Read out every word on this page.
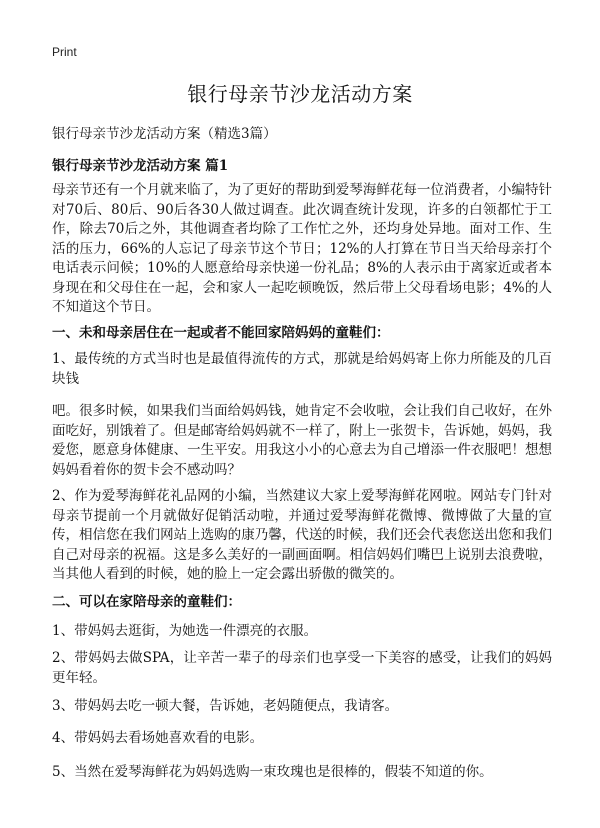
Print
银行母亲节沙龙活动方案

银行母亲节沙龙活动方案（精选3篇）

银行母亲节沙龙活动方案 篇1

母亲节还有一个月就来临了，为了更好的帮助到爱琴海鲜花每一位消费者，小编特针对70后、80后、90后各30人做过调查。此次调查统计发现，许多的白领都忙于工作，除去70后之外，其他调查者均除了工作忙之外，还均身处异地。面对工作、生活的压力，66%的人忘记了母亲节这个节日；12%的人打算在节日当天给母亲打个电话表示问候；10%的人愿意给母亲快递一份礼品；8%的人表示由于离家近或者本身现在和父母住在一起，会和家人一起吃顿晚饭，然后带上父母看场电影；4%的人不知道这个节日。

一、未和母亲居住在一起或者不能回家陪妈妈的童鞋们：

1、最传统的方式当时也是最值得流传的方式，那就是给妈妈寄上你力所能及的几百块钱

吧。很多时候，如果我们当面给妈妈钱，她肯定不会收啦，会让我们自己收好，在外面吃好，别饿着了。但是邮寄给妈妈就不一样了，附上一张贺卡，告诉她，妈妈，我爱您，愿意身体健康、一生平安。用我这小小的心意去为自己增添一件衣服吧！想想妈妈看着你的贺卡会不感动吗？

2、作为爱琴海鲜花礼品网的小编，当然建议大家上爱琴海鲜花网啦。网站专门针对母亲节提前一个月就做好促销活动啦，并通过爱琴海鲜花微博、微博做了大量的宣传，相信您在我们网站上选购的康乃馨，代送的时候，我们还会代表您送出您和我们自己对母亲的祝福。这是多么美好的一副画面啊。相信妈妈们嘴巴上说别去浪费啦，当其他人看到的时候，她的脸上一定会露出骄傲的微笑的。

二、可以在家陪母亲的童鞋们：

1、带妈妈去逛街，为她选一件漂亮的衣服。

2、带妈妈去做SPA，让辛苦一辈子的母亲们也享受一下美容的感受，让我们的妈妈更年轻。

3、带妈妈去吃一顿大餐，告诉她，老妈随便点，我请客。

4、带妈妈去看场她喜欢看的电影。

5、当然在爱琴海鲜花为妈妈选购一束玫瑰也是很棒的，假装不知道的你。
